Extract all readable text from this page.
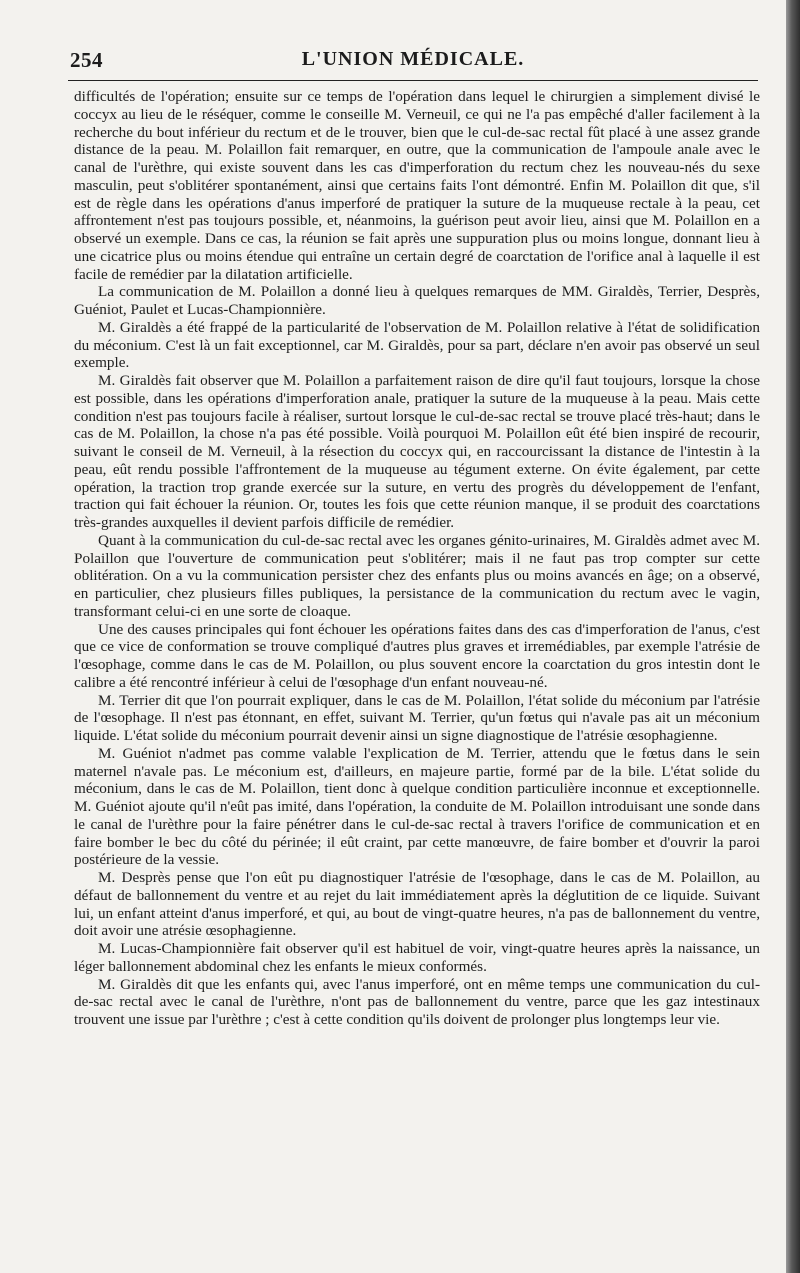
254	L'UNION MÉDICALE.

difficultés de l'opération; ensuite sur ce temps de l'opération dans lequel le chirurgien a simplement divisé le coccyx au lieu de le réséquer, comme le conseille M. Verneuil, ce qui ne l'a pas empêché d'aller facilement à la recherche du bout inférieur du rectum et de le trouver, bien que le cul-de-sac rectal fût placé à une assez grande distance de la peau. M. Polaillon fait remarquer, en outre, que la communication de l'ampoule anale avec le canal de l'urèthre, qui existe souvent dans les cas d'imperforation du rectum chez les nouveau-nés du sexe masculin, peut s'oblitérer spontanément, ainsi que certains faits l'ont démontré. Enfin M. Polaillon dit que, s'il est de règle dans les opérations d'anus imperforé de pratiquer la suture de la muqueuse rectale à la peau, cet affrontement n'est pas toujours possible, et, néanmoins, la guérison peut avoir lieu, ainsi que M. Polaillon en a observé un exemple. Dans ce cas, la réunion se fait après une suppuration plus ou moins longue, donnant lieu à une cicatrice plus ou moins étendue qui entraîne un certain degré de coarctation de l'orifice anal à laquelle il est facile de remédier par la dilatation artificielle.

La communication de M. Polaillon a donné lieu à quelques remarques de MM. Giraldès, Terrier, Desprès, Guéniot, Paulet et Lucas-Championnière.

M. Giraldès a été frappé de la particularité de l'observation de M. Polaillon relative à l'état de solidification du méconium. C'est là un fait exceptionnel, car M. Giraldès, pour sa part, déclare n'en avoir pas observé un seul exemple.

M. Giraldès fait observer que M. Polaillon a parfaitement raison de dire qu'il faut toujours, lorsque la chose est possible, dans les opérations d'imperforation anale, pratiquer la suture de la muqueuse à la peau. Mais cette condition n'est pas toujours facile à réaliser, surtout lorsque le cul-de-sac rectal se trouve placé très-haut; dans le cas de M. Polaillon, la chose n'a pas été possible. Voilà pourquoi M. Polaillon eût été bien inspiré de recourir, suivant le conseil de M. Verneuil, à la résection du coccyx qui, en raccourcissant la distance de l'intestin à la peau, eût rendu possible l'affrontement de la muqueuse au tégument externe. On évite également, par cette opération, la traction trop grande exercée sur la suture, en vertu des progrès du développement de l'enfant, traction qui fait échouer la réunion. Or, toutes les fois que cette réunion manque, il se produit des coarctations très-grandes auxquelles il devient parfois difficile de remédier.

Quant à la communication du cul-de-sac rectal avec les organes génito-urinaires, M. Giraldès admet avec M. Polaillon que l'ouverture de communication peut s'oblitérer; mais il ne faut pas trop compter sur cette oblitération. On a vu la communication persister chez des enfants plus ou moins avancés en âge; on a observé, en particulier, chez plusieurs filles publiques, la persistance de la communication du rectum avec le vagin, transformant celui-ci en une sorte de cloaque.

Une des causes principales qui font échouer les opérations faites dans des cas d'imperforation de l'anus, c'est que ce vice de conformation se trouve compliqué d'autres plus graves et irremédiables, par exemple l'atrésie de l'œsophage, comme dans le cas de M. Polaillon, ou plus souvent encore la coarctation du gros intestin dont le calibre a été rencontré inférieur à celui de l'œsophage d'un enfant nouveau-né.

M. Terrier dit que l'on pourrait expliquer, dans le cas de M. Polaillon, l'état solide du méconium par l'atrésie de l'œsophage. Il n'est pas étonnant, en effet, suivant M. Terrier, qu'un fœtus qui n'avale pas ait un méconium liquide. L'état solide du méconium pourrait devenir ainsi un signe diagnostique de l'atrésie œsophagienne.

M. Guéniot n'admet pas comme valable l'explication de M. Terrier, attendu que le fœtus dans le sein maternel n'avale pas. Le méconium est, d'ailleurs, en majeure partie, formé par de la bile. L'état solide du méconium, dans le cas de M. Polaillon, tient donc à quelque condition particulière inconnue et exceptionnelle. M. Guéniot ajoute qu'il n'eût pas imité, dans l'opération, la conduite de M. Polaillon introduisant une sonde dans le canal de l'urèthre pour la faire pénétrer dans le cul-de-sac rectal à travers l'orifice de communication et en faire bomber le bec du côté du périnée; il eût craint, par cette manœuvre, de faire bomber et d'ouvrir la paroi postérieure de la vessie.

M. Desprès pense que l'on eût pu diagnostiquer l'atrésie de l'œsophage, dans le cas de M. Polaillon, au défaut de ballonnement du ventre et au rejet du lait immédiatement après la déglutition de ce liquide. Suivant lui, un enfant atteint d'anus imperforé, et qui, au bout de vingt-quatre heures, n'a pas de ballonnement du ventre, doit avoir une atrésie œsophagienne.

M. Lucas-Championnière fait observer qu'il est habituel de voir, vingt-quatre heures après la naissance, un léger ballonnement abdominal chez les enfants le mieux conformés.

M. Giraldès dit que les enfants qui, avec l'anus imperforé, ont en même temps une communication du cul-de-sac rectal avec le canal de l'urèthre, n'ont pas de ballonnement du ventre, parce que les gaz intestinaux trouvent une issue par l'urèthre ; c'est à cette condition qu'ils doivent de prolonger plus longtemps leur vie.
